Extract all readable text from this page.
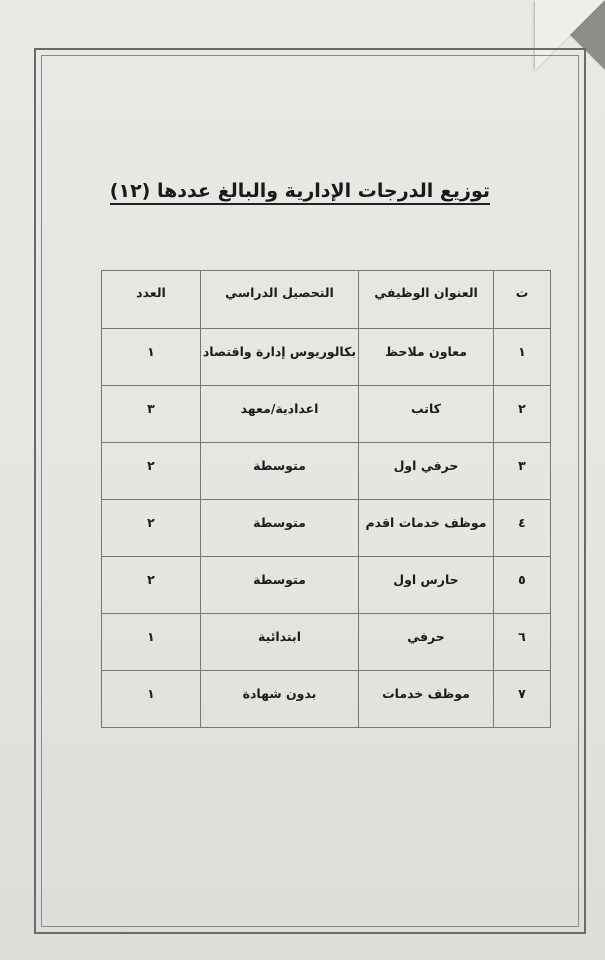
توزيع الدرجات الإدارية والبالغ عددها (١٢)
ت	العنوان الوظيفي	التحصيل الدراسي	العدد
١	معاون ملاحظ	بكالوريوس إدارة واقتصاد	١
٢	كاتب	اعدادية/معهد	٣
٣	حرفي اول	متوسطة	٢
٤	موظف خدمات اقدم	متوسطة	٢
٥	حارس اول	متوسطة	٢
٦	حرفي	ابتدائية	١
٧	موظف خدمات	بدون شهادة	١
